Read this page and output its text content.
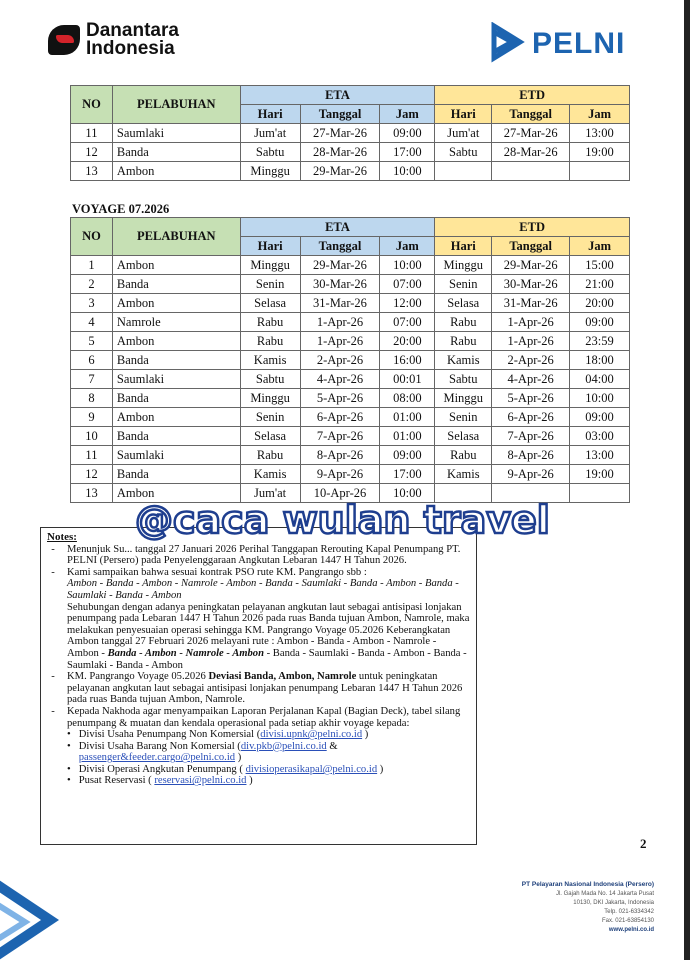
Danantara
Indonesia	PELNI
NO	PELABUHAN	ETA			ETD		
		Hari	Tanggal	Jam	Hari	Tanggal	Jam
11	Saumlaki	Jum'at	27-Mar-26	09:00	Jum'at	27-Mar-26	13:00
12	Banda	Sabtu	28-Mar-26	17:00	Sabtu	28-Mar-26	19:00
13	Ambon	Minggu	29-Mar-26	10:00			
VOYAGE 07.2026
NO	PELABUHAN	ETA			ETD		
		Hari	Tanggal	Jam	Hari	Tanggal	Jam
1	Ambon	Minggu	29-Mar-26	10:00	Minggu	29-Mar-26	15:00
2	Banda	Senin	30-Mar-26	07:00	Senin	30-Mar-26	21:00
3	Ambon	Selasa	31-Mar-26	12:00	Selasa	31-Mar-26	20:00
4	Namrole	Rabu	1-Apr-26	07:00	Rabu	1-Apr-26	09:00
5	Ambon	Rabu	1-Apr-26	20:00	Rabu	1-Apr-26	23:59
6	Banda	Kamis	2-Apr-26	16:00	Kamis	2-Apr-26	18:00
7	Saumlaki	Sabtu	4-Apr-26	00:01	Sabtu	4-Apr-26	04:00
8	Banda	Minggu	5-Apr-26	08:00	Minggu	5-Apr-26	10:00
9	Ambon	Senin	6-Apr-26	01:00	Senin	6-Apr-26	09:00
10	Banda	Selasa	7-Apr-26	01:00	Selasa	7-Apr-26	03:00
11	Saumlaki	Rabu	8-Apr-26	09:00	Rabu	8-Apr-26	13:00
12	Banda	Kamis	9-Apr-26	17:00	Kamis	9-Apr-26	19:00
13	Ambon	Jum'at	10-Apr-26	10:00			
Notes:
-	Menunjuk Su... tanggal 27 Januari 2026 Perihal Tanggapan Rerouting Kapal Penumpang PT. PELNI (Persero) pada Penyelenggaraan Angkutan Lebaran 1447 H Tahun 2026.
-	Kami sampaikan bahwa sesuai kontrak PSO rute KM. Pangrango sbb :
Ambon - Banda - Ambon - Namrole - Ambon - Banda - Saumlaki - Banda - Ambon - Banda - Saumlaki - Banda - Ambon
Sehubungan dengan adanya peningkatan pelayanan angkutan laut sebagai antisipasi lonjakan penumpang pada Lebaran 1447 H Tahun 2026 pada ruas Banda tujuan Ambon, Namrole, maka melakukan penyesuaian operasi sehingga KM. Pangrango Voyage 05.2026 Keberangkatan Ambon tanggal 27 Februari 2026 melayani rute : Ambon - Banda - Ambon - Namrole - Ambon - Banda - Ambon - Namrole - Ambon - Banda - Saumlaki - Banda - Ambon - Banda - Saumlaki - Banda - Ambon
-	KM. Pangrango Voyage 05.2026 Deviasi Banda, Ambon, Namrole untuk peningkatan pelayanan angkutan laut sebagai antisipasi lonjakan penumpang Lebaran 1447 H Tahun 2026 pada ruas Banda tujuan Ambon, Namrole.
-	Kepada Nakhoda agar menyampaikan Laporan Perjalanan Kapal (Bagian Deck), tabel silang penumpang & muatan dan kendala operasional pada setiap akhir voyage kepada:
• Divisi Usaha Penumpang Non Komersial (divisi.upnk@pelni.co.id )
• Divisi Usaha Barang Non Komersial (div.pkb@pelni.co.id &
passenger&feeder.cargo@pelni.co.id )
• Divisi Operasi Angkutan Penumpang ( divisioperasikapal@pelni.co.id )
• Pusat Reservasi ( reservasi@pelni.co.id )
@caca wulan travel
2
PT Pelayaran Nasional Indonesia (Persero)
Jl. Gajah Mada No. 14 Jakarta Pusat
10130, DKI Jakarta, Indonesia
Telp. 021-6334342
Fax. 021-63854130
www.pelni.co.id
